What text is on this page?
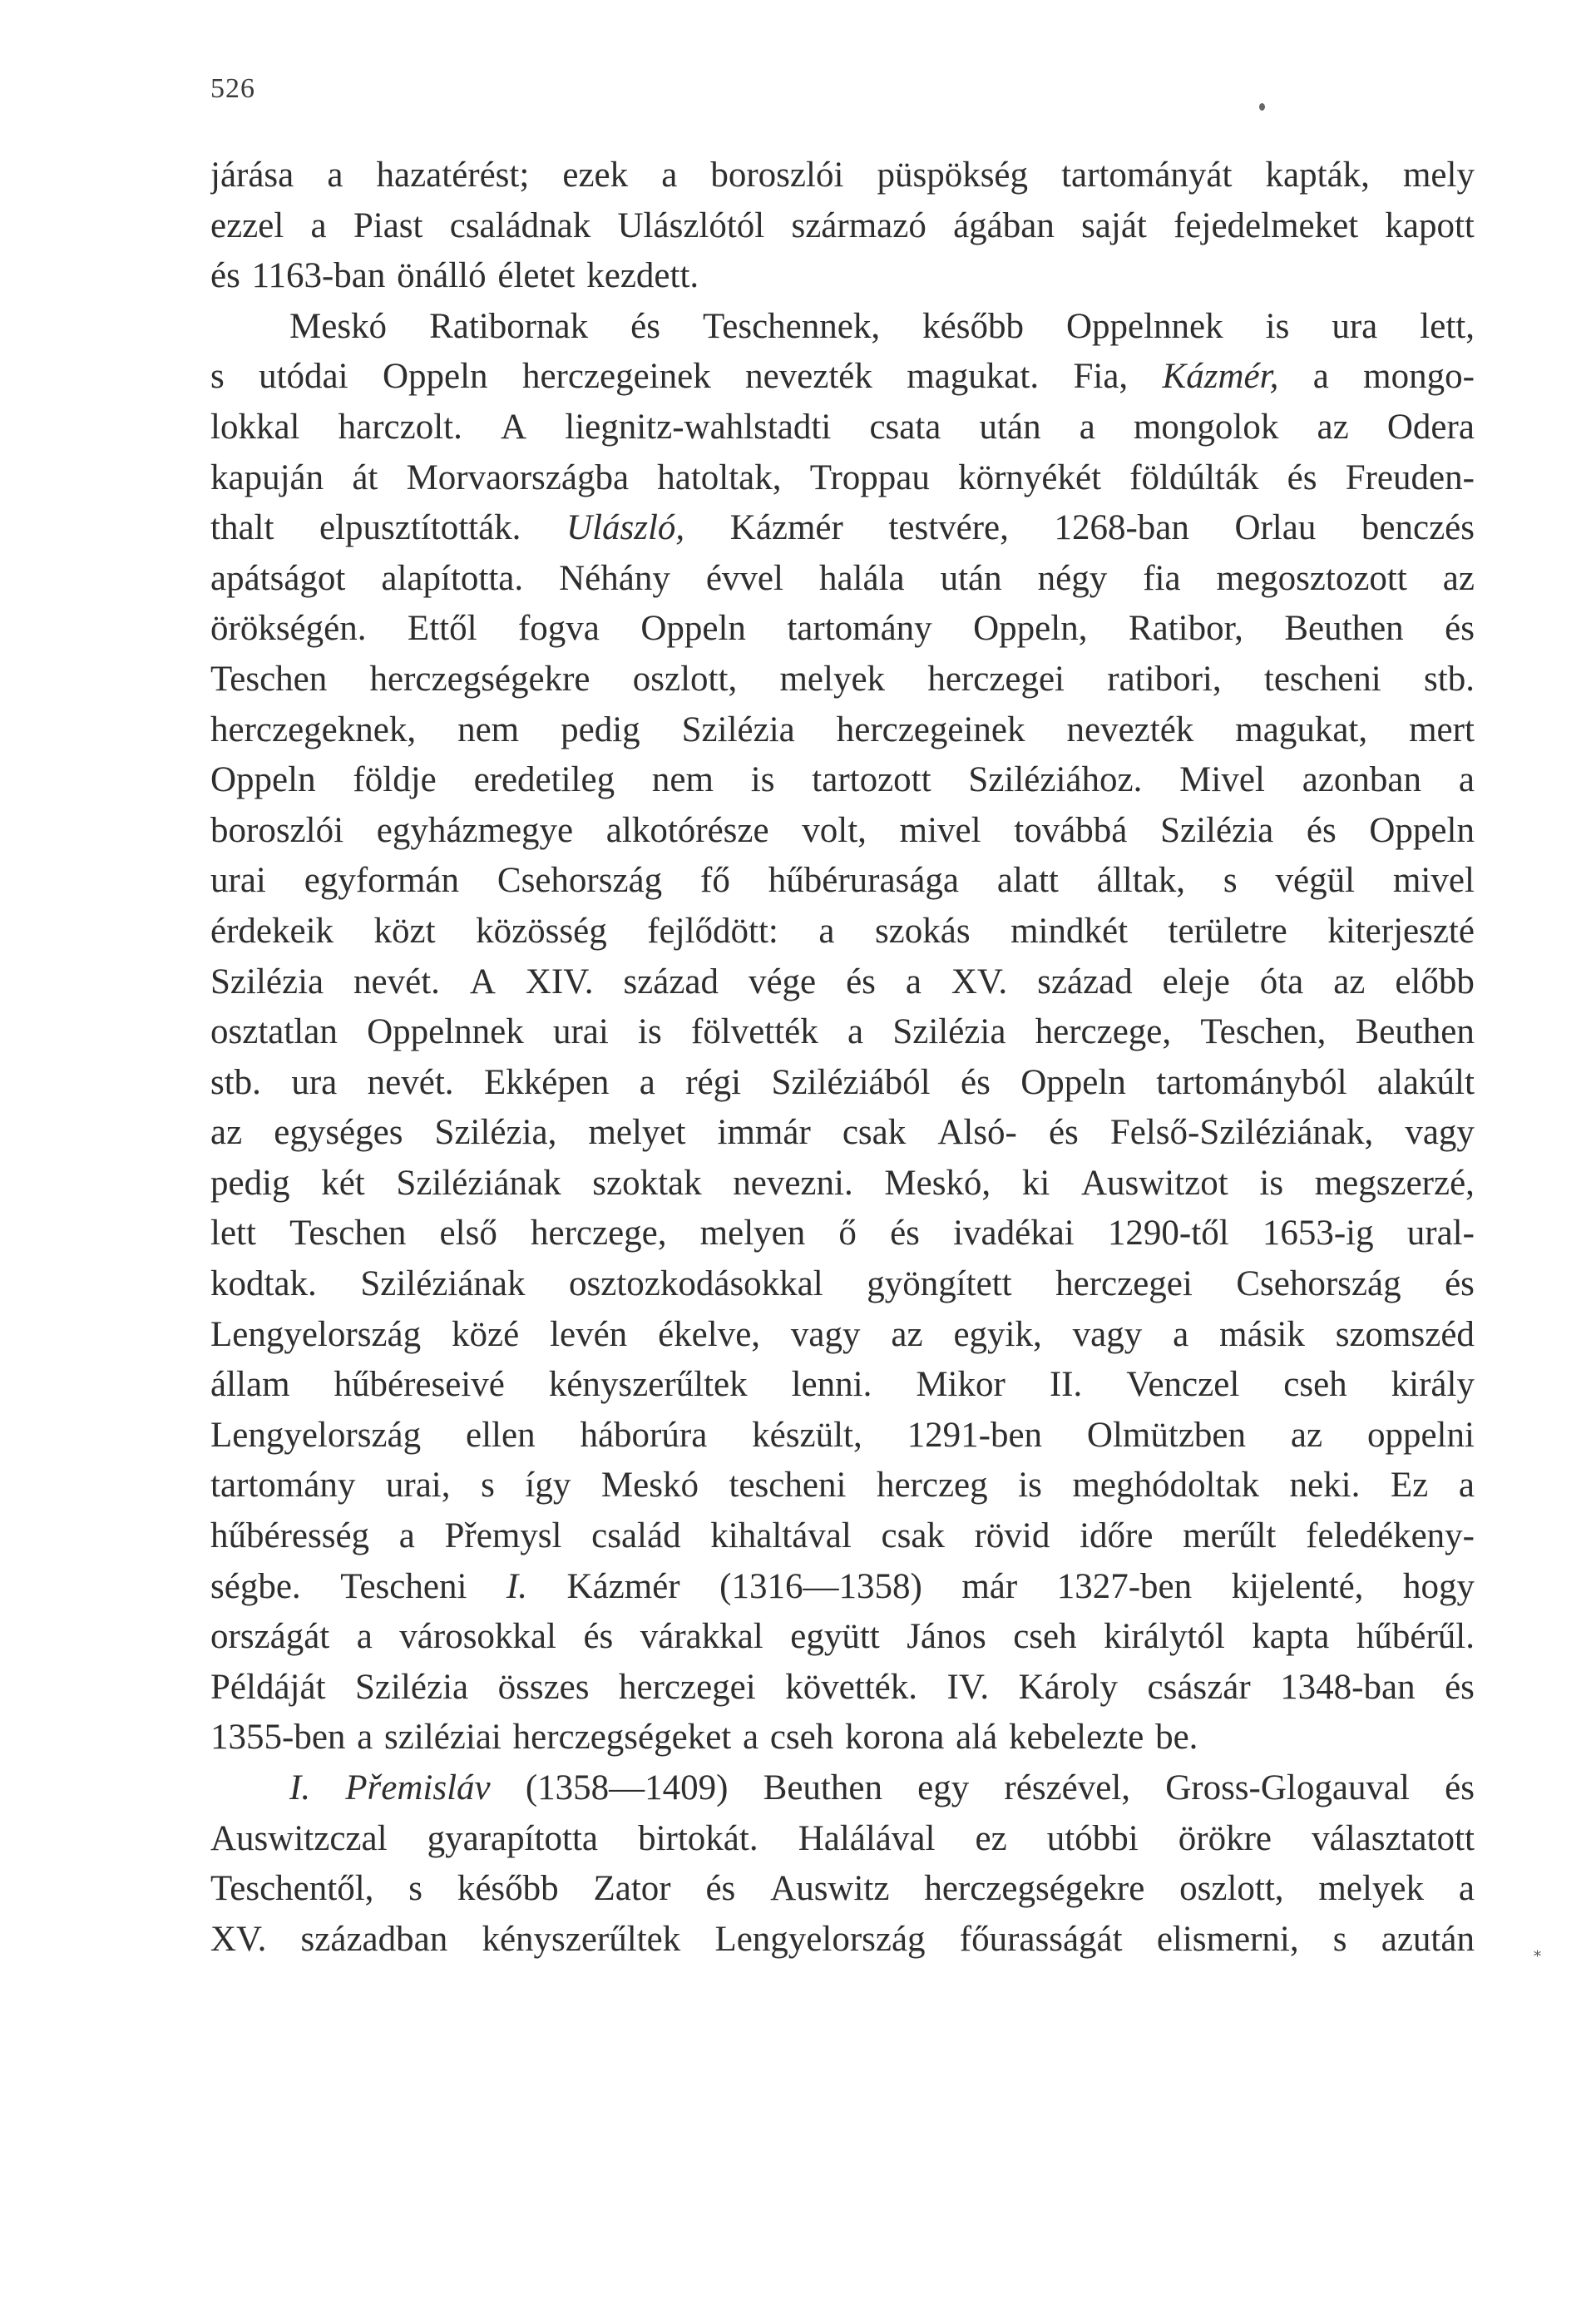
526
⁎
járása a hazatérést; ezek a boroszlói püspökség tartományát kapták, mely
ezzel a Piast családnak Ulászlótól származó ágában saját fejedelmeket kapott
és 1163-ban önálló életet kezdett.
Meskó Ratibornak és Teschennek, később Oppelnnek is ura lett,
s utódai Oppeln herczegeinek nevezték magukat. Fia, Kázmér, a mongo-
lokkal harczolt. A liegnitz-wahlstadti csata után a mongolok az Odera
kapuján át Morvaországba hatoltak, Troppau környékét földúlták és Freuden-
thalt elpusztították. Ulászló, Kázmér testvére, 1268-ban Orlau benczés
apátságot alapította. Néhány évvel halála után négy fia megosztozott az
örökségén. Ettől fogva Oppeln tartomány Oppeln, Ratibor, Beuthen és
Teschen herczegségekre oszlott, melyek herczegei ratibori, tescheni stb.
herczegeknek, nem pedig Szilézia herczegeinek nevezték magukat, mert
Oppeln földje eredetileg nem is tartozott Sziléziához. Mivel azonban a
boroszlói egyházmegye alkotórésze volt, mivel továbbá Szilézia és Oppeln
urai egyformán Csehország fő hűbérurasága alatt álltak, s végül mivel
érdekeik közt közösség fejlődött: a szokás mindkét területre kiterjeszté
Szilézia nevét. A XIV. század vége és a XV. század eleje óta az előbb
osztatlan Oppelnnek urai is fölvették a Szilézia herczege, Teschen, Beuthen
stb. ura nevét. Ekképen a régi Sziléziából és Oppeln tartományból alakúlt
az egységes Szilézia, melyet immár csak Alsó- és Felső-Sziléziának, vagy
pedig két Sziléziának szoktak nevezni. Meskó, ki Auswitzot is megszerzé,
lett Teschen első herczege, melyen ő és ivadékai 1290-től 1653-ig ural-
kodtak. Sziléziának osztozkodásokkal gyöngített herczegei Csehország és
Lengyelország közé levén ékelve, vagy az egyik, vagy a másik szomszéd
állam hűbéreseivé kényszerűltek lenni. Mikor II. Venczel cseh király
Lengyelország ellen háborúra készült, 1291-ben Olmützben az oppelni
tartomány urai, s így Meskó tescheni herczeg is meghódoltak neki. Ez a
hűbéresség a Přemysl család kihaltával csak rövid időre merűlt feledékeny-
ségbe. Tescheni I. Kázmér (1316—1358) már 1327-ben kijelenté, hogy
országát a városokkal és várakkal együtt János cseh királytól kapta hűbérűl.
Példáját Szilézia összes herczegei követték. IV. Károly császár 1348-ban és
1355-ben a sziléziai herczegségeket a cseh korona alá kebelezte be.
I. Přemisláv (1358—1409) Beuthen egy részével, Gross-Glogauval és
Auswitzczal gyarapította birtokát. Halálával ez utóbbi örökre választatott
Teschentől, s később Zator és Auswitz herczegségekre oszlott, melyek a
XV. században kényszerűltek Lengyelország főurasságát elismerni, s azután
